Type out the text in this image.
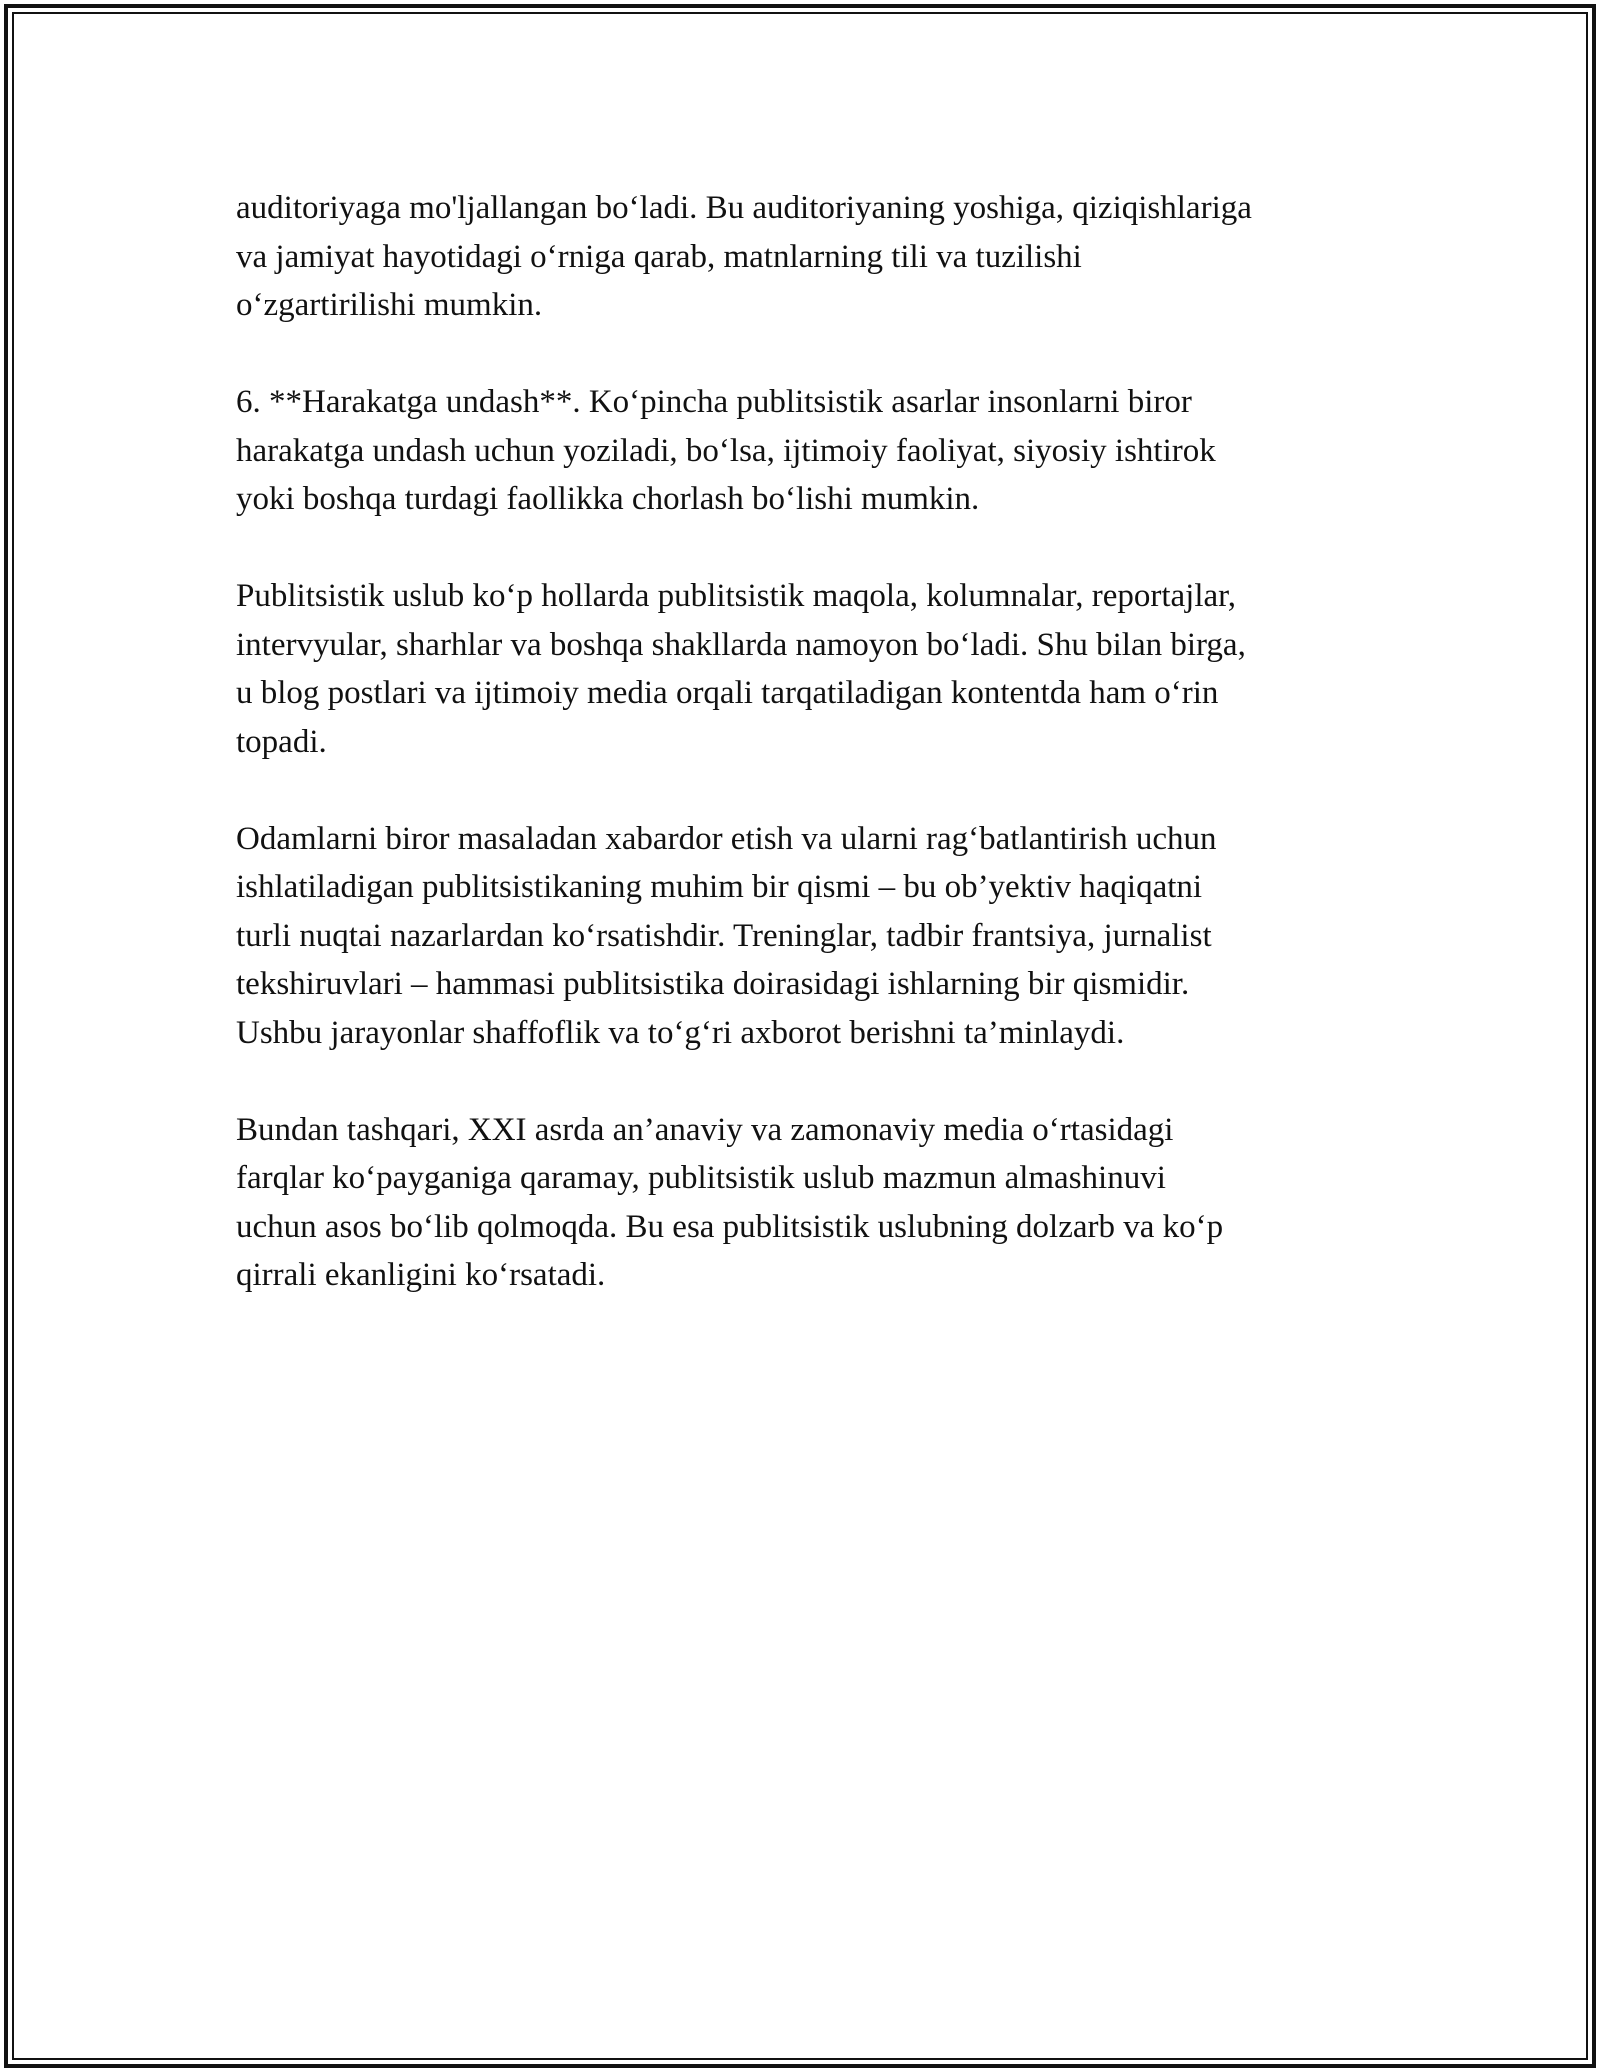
auditoriyaga mo'ljallangan bo‘ladi. Bu auditoriyaning yoshiga, qiziqishlariga
va jamiyat hayotidagi o‘rniga qarab, matnlarning tili va tuzilishi
o‘zgartirilishi mumkin.

6. **Harakatga undash**. Ko‘pincha publitsistik asarlar insonlarni biror
harakatga undash uchun yoziladi, bo‘lsa, ijtimoiy faoliyat, siyosiy ishtirok
yoki boshqa turdagi faollikka chorlash bo‘lishi mumkin.

Publitsistik uslub ko‘p hollarda publitsistik maqola, kolumnalar, reportajlar,
intervyular, sharhlar va boshqa shakllarda namoyon bo‘ladi. Shu bilan birga,
u blog postlari va ijtimoiy media orqali tarqatiladigan kontentda ham o‘rin
topadi.

Odamlarni biror masaladan xabardor etish va ularni rag‘batlantirish uchun
ishlatiladigan publitsistikaning muhim bir qismi – bu ob’yektiv haqiqatni
turli nuqtai nazarlardan ko‘rsatishdir. Treninglar, tadbir frantsiya, jurnalist
tekshiruvlari – hammasi publitsistika doirasidagi ishlarning bir qismidir.
Ushbu jarayonlar shaffoflik va to‘g‘ri axborot berishni ta’minlaydi.

Bundan tashqari, XXI asrda an’anaviy va zamonaviy media o‘rtasidagi
farqlar ko‘payganiga qaramay, publitsistik uslub mazmun almashinuvi
uchun asos bo‘lib qolmoqda. Bu esa publitsistik uslubning dolzarb va ko‘p
qirrali ekanligini ko‘rsatadi.
